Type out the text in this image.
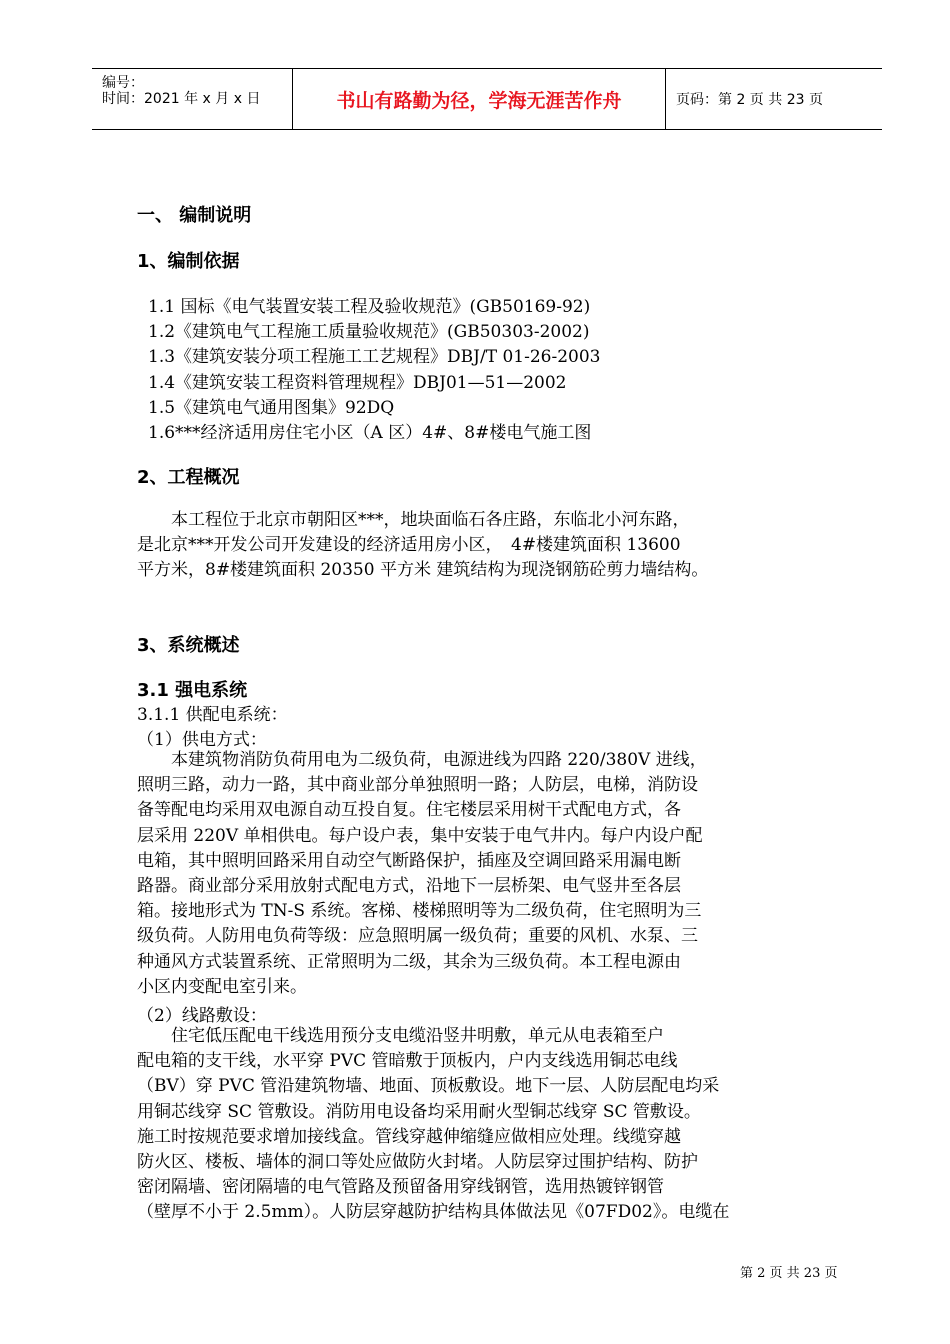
编号：
时间：2021 年 x 月 x 日	书山有路勤为径，学海无涯苦作舟	页码：第 2 页 共 23 页
一、 编制说明
1、编制依据
1.1 国标《电气装置安装工程及验收规范》(GB50169-92)
1.2《建筑电气工程施工质量验收规范》(GB50303-2002)
1.3《建筑安装分项工程施工工艺规程》DBJ/T 01-26-2003
1.4《建筑安装工程资料管理规程》DBJ01—51—2002
1.5《建筑电气通用图集》92DQ
1.6***经济适用房住宅小区（A 区）4#、8#楼电气施工图
2、工程概况
　　本工程位于北京市朝阳区***，地块面临石各庄路，东临北小河东路，
是北京***开发公司开发建设的经济适用房小区，　4#楼建筑面积 13600
平方米，8#楼建筑面积 20350 平方米 建筑结构为现浇钢筋砼剪力墙结构。
3、系统概述
3.1 强电系统
3.1.1 供配电系统：
（1）供电方式：
　　本建筑物消防负荷用电为二级负荷，电源进线为四路 220/380V 进线，
照明三路，动力一路，其中商业部分单独照明一路；人防层，电梯，消防设
备等配电均采用双电源自动互投自复。住宅楼层采用树干式配电方式，各
层采用 220V 单相供电。每户设户表，集中安装于电气井内。每户内设户配
电箱，其中照明回路采用自动空气断路保护，插座及空调回路采用漏电断
路器。商业部分采用放射式配电方式，沿地下一层桥架、电气竖井至各层
箱。接地形式为 TN-S 系统。客梯、楼梯照明等为二级负荷，住宅照明为三
级负荷。人防用电负荷等级：应急照明属一级负荷；重要的风机、水泵、三
种通风方式装置系统、正常照明为二级，其余为三级负荷。本工程电源由
小区内变配电室引来。
（2）线路敷设：
　　住宅低压配电干线选用预分支电缆沿竖井明敷，单元从电表箱至户
配电箱的支干线，水平穿 PVC 管暗敷于顶板内，户内支线选用铜芯电线
（BV）穿 PVC 管沿建筑物墙、地面、顶板敷设。地下一层、人防层配电均采
用铜芯线穿 SC 管敷设。消防用电设备均采用耐火型铜芯线穿 SC 管敷设。
施工时按规范要求增加接线盒。管线穿越伸缩缝应做相应处理。线缆穿越
防火区、楼板、墙体的洞口等处应做防火封堵。人防层穿过围护结构、防护
密闭隔墙、密闭隔墙的电气管路及预留备用穿线钢管，选用热镀锌钢管
（壁厚不小于 2.5mm）。人防层穿越防护结构具体做法见《07FD02》。电缆在
第 2 页 共 23 页
